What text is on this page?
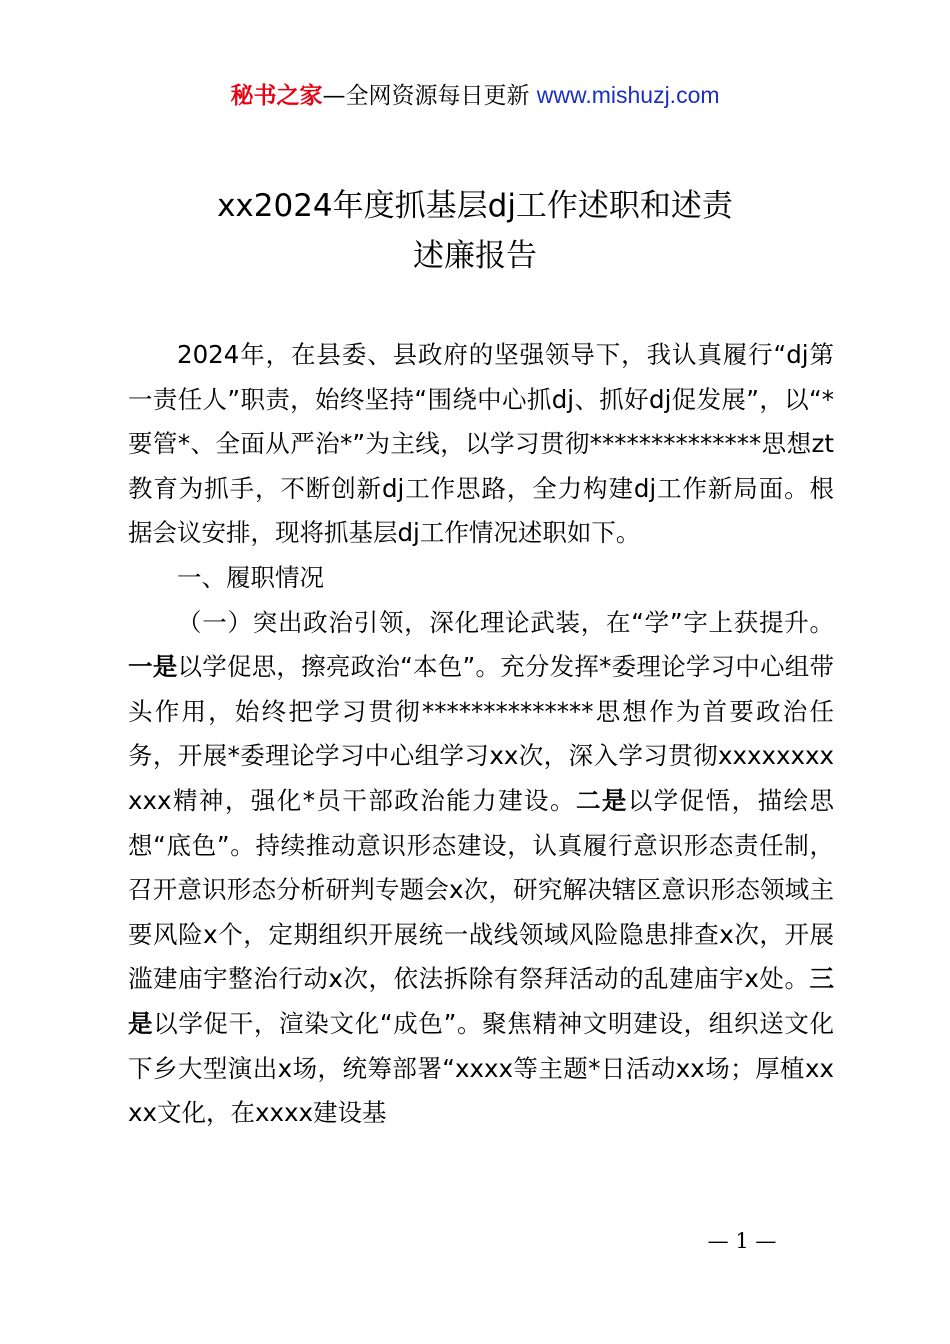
秘书之家—全网资源每日更新 www.mishuzj.com
xx2024年度抓基层dj工作述职和述责
述廉报告

2024年，在县委、县政府的坚强领导下，我认真履行“dj第一责任人”职责，始终坚持“围绕中心抓dj、抓好dj促发展”，以“*要管*、全面从严治*”为主线，以学习贯彻**************思想zt教育为抓手，不断创新dj工作思路，全力构建dj工作新局面。根据会议安排，现将抓基层dj工作情况述职如下。

一、履职情况

（一）突出政治引领，深化理论武装，在“学”字上获提升。一是以学促思，擦亮政治“本色”。充分发挥*委理论学习中心组带头作用，始终把学习贯彻**************思想作为首要政治任务，开展*委理论学习中心组学习xx次，深入学习贯彻xxxxxxxxxxx精神，强化*员干部政治能力建设。二是以学促悟，描绘思想“底色”。持续推动意识形态建设，认真履行意识形态责任制，召开意识形态分析研判专题会x次，研究解决辖区意识形态领域主要风险x个，定期组织开展统一战线领域风险隐患排查x次，开展滥建庙宇整治行动x次，依法拆除有祭拜活动的乱建庙宇x处。三是以学促干，渲染文化“成色”。聚焦精神文明建设，组织送文化下乡大型演出x场，统筹部署“xxxx等主题*日活动xx场；厚植xxxx文化，在xxxx建设基

— 1 —
